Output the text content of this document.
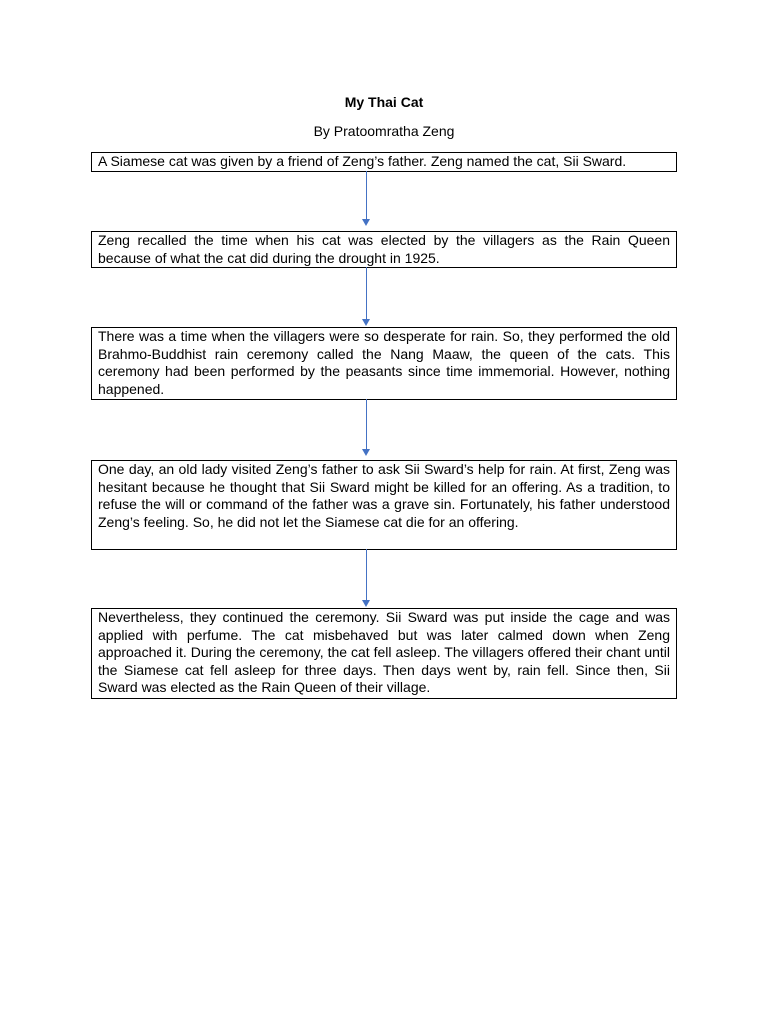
My Thai Cat
By Pratoomratha Zeng
A Siamese cat was given by a friend of Zeng’s father. Zeng named the cat, Sii Sward.
Zeng recalled the time when his cat was elected by the villagers as the Rain Queen because of what the cat did during the drought in 1925.
There was a time when the villagers were so desperate for rain. So, they performed the old Brahmo-Buddhist rain ceremony called the Nang Maaw, the queen of the cats. This ceremony had been performed by the peasants since time immemorial. However, nothing happened.
One day, an old lady visited Zeng’s father to ask Sii Sward’s help for rain. At first, Zeng was hesitant because he thought that Sii Sward might be killed for an offering. As a tradition, to refuse the will or command of the father was a grave sin. Fortunately, his father understood Zeng’s feeling. So, he did not let the Siamese cat die for an offering.
Nevertheless, they continued the ceremony. Sii Sward was put inside the cage and was applied with perfume. The cat misbehaved but was later calmed down when Zeng approached it. During the ceremony, the cat fell asleep. The villagers offered their chant until the Siamese cat fell asleep for three days. Then days went by, rain fell. Since then, Sii Sward was elected as the Rain Queen of their village.
